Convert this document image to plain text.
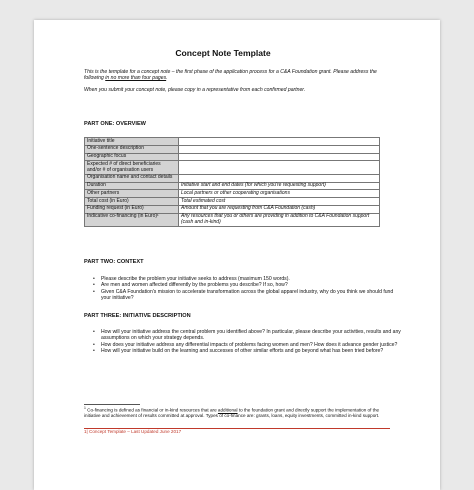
Concept Note Template
This is the template for a concept note – the first phase of the application process for a C&A Foundation grant. Please address the following in no more than four pages.
When you submit your concept note, please copy in a representative from each confirmed partner.
PART ONE: OVERVIEW
Initiative title	
One-sentence description	
Geographic focus	
Expected # of direct beneficiaries and/or # of organisation users	
Organisation name and contact details	
Duration	Initiative start and end dates (for which you're requesting support)
Other partners	Local partners or other cooperating organisations
Total cost (in Euro)	Total estimated cost
Funding request (in Euro)	Amount that you are requesting from C&A Foundation (cash)
Indicative co-financing (in Euro)¹	Any resources that you or others are providing in addition to C&A Foundation support (cash and in-kind)
PART TWO: CONTEXT
• Please describe the problem your initiative seeks to address (maximum 150 words).
• Are men and women affected differently by the problems you describe? If so, how?
• Given C&A Foundation's mission to accelerate transformation across the global apparel industry, why do you think we should fund your initiative?
PART THREE: INITIATIVE DESCRIPTION
• How will your initiative address the central problem you identified above? In particular, please describe your activities, results and any assumptions on which your strategy depends.
• How does your initiative address any differential impacts of problems facing women and men? How does it advance gender justice?
• How will your initiative build on the learning and successes of other similar efforts and go beyond what has been tried before?
$^1$ Co-financing is defined as financial or in-kind resources that are additional to the foundation grant and directly support the implementation of the initiative and achievement of results committed at approval. Types of co-finance are: grants, loans, equity investments, committed in-kind support.
1| Concept Template – Last Updated June 2017
